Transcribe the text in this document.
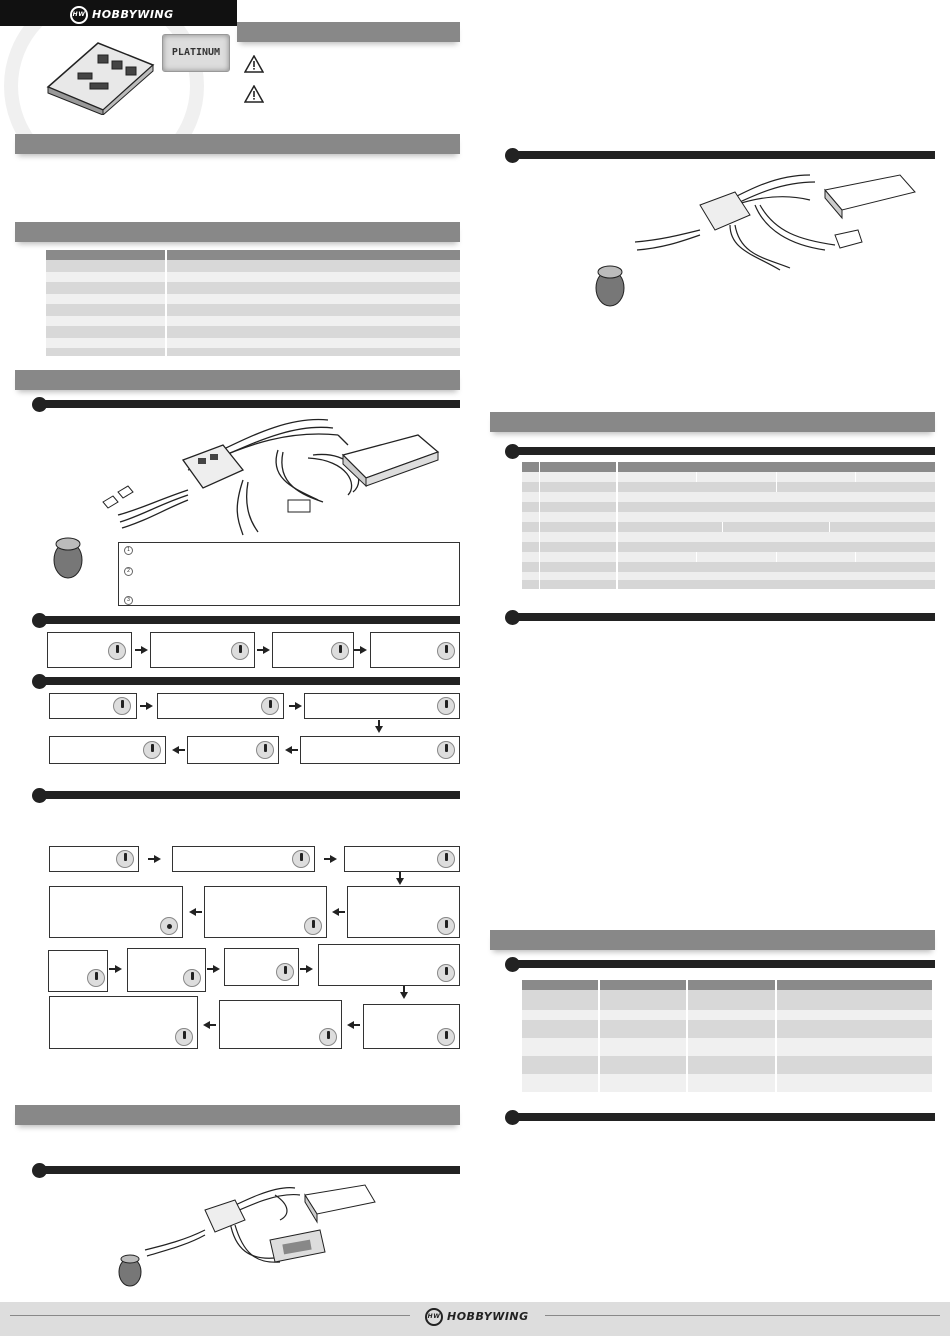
HW HOBBYWING
PLATINUM
1
2
3
HW HOBBYWING
